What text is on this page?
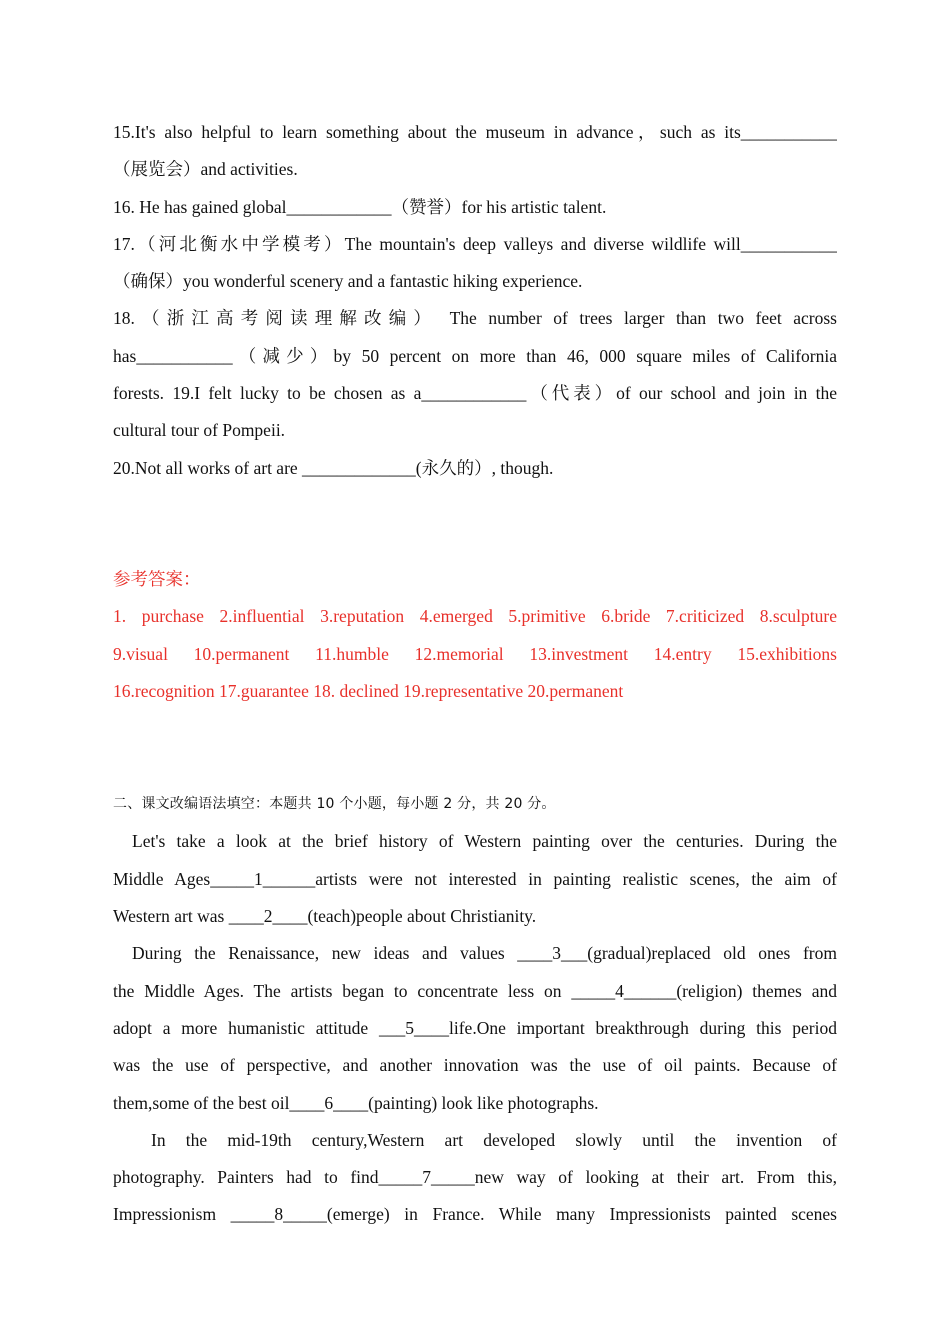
15.It's also helpful to learn something about the museum in advance，such as its___________
（展览会）and activities.
16. He has gained global____________（赞誉）for his artistic talent.
17.（河北衡水中学模考）The mountain's deep valleys and diverse wildlife will___________
（确保）you wonderful scenery and a fantastic hiking experience.
18.（浙江高考阅读理解改编） The number of trees larger than two feet across
has___________（减少）by 50 percent on more than 46, 000 square miles of California
forests. 19.I felt lucky to be chosen as a____________（代表）of our school and join in the
cultural tour of Pompeii.
20.Not all works of art are _____________(永久的）, though.
参考答案：
1. purchase 2.influential 3.reputation 4.emerged 5.primitive 6.bride 7.criticized 8.sculpture
9.visual 10.permanent 11.humble 12.memorial 13.investment 14.entry 15.exhibitions
16.recognition 17.guarantee 18. declined 19.representative 20.permanent
二、课文改编语法填空：本题共 10 个小题，每小题 2 分，共 20 分。
Let's take a look at the brief history of Western painting over the centuries. During the
Middle Ages_____1______artists were not interested in painting realistic scenes, the aim of
Western art was ____2____(teach)people about Christianity.
During the Renaissance, new ideas and values ____3___(gradual)replaced old ones from
the Middle Ages. The artists began to concentrate less on _____4______(religion) themes and
adopt a more humanistic attitude ___5____life.One important breakthrough during this period
was the use of perspective, and another innovation was the use of oil paints. Because of
them,some of the best oil____6____(painting) look like photographs.
In the mid-19th century,Western art developed slowly until the invention of
photography. Painters had to find_____7_____new way of looking at their art. From this,
Impressionism _____8_____(emerge) in France. While many Impressionists painted scenes
